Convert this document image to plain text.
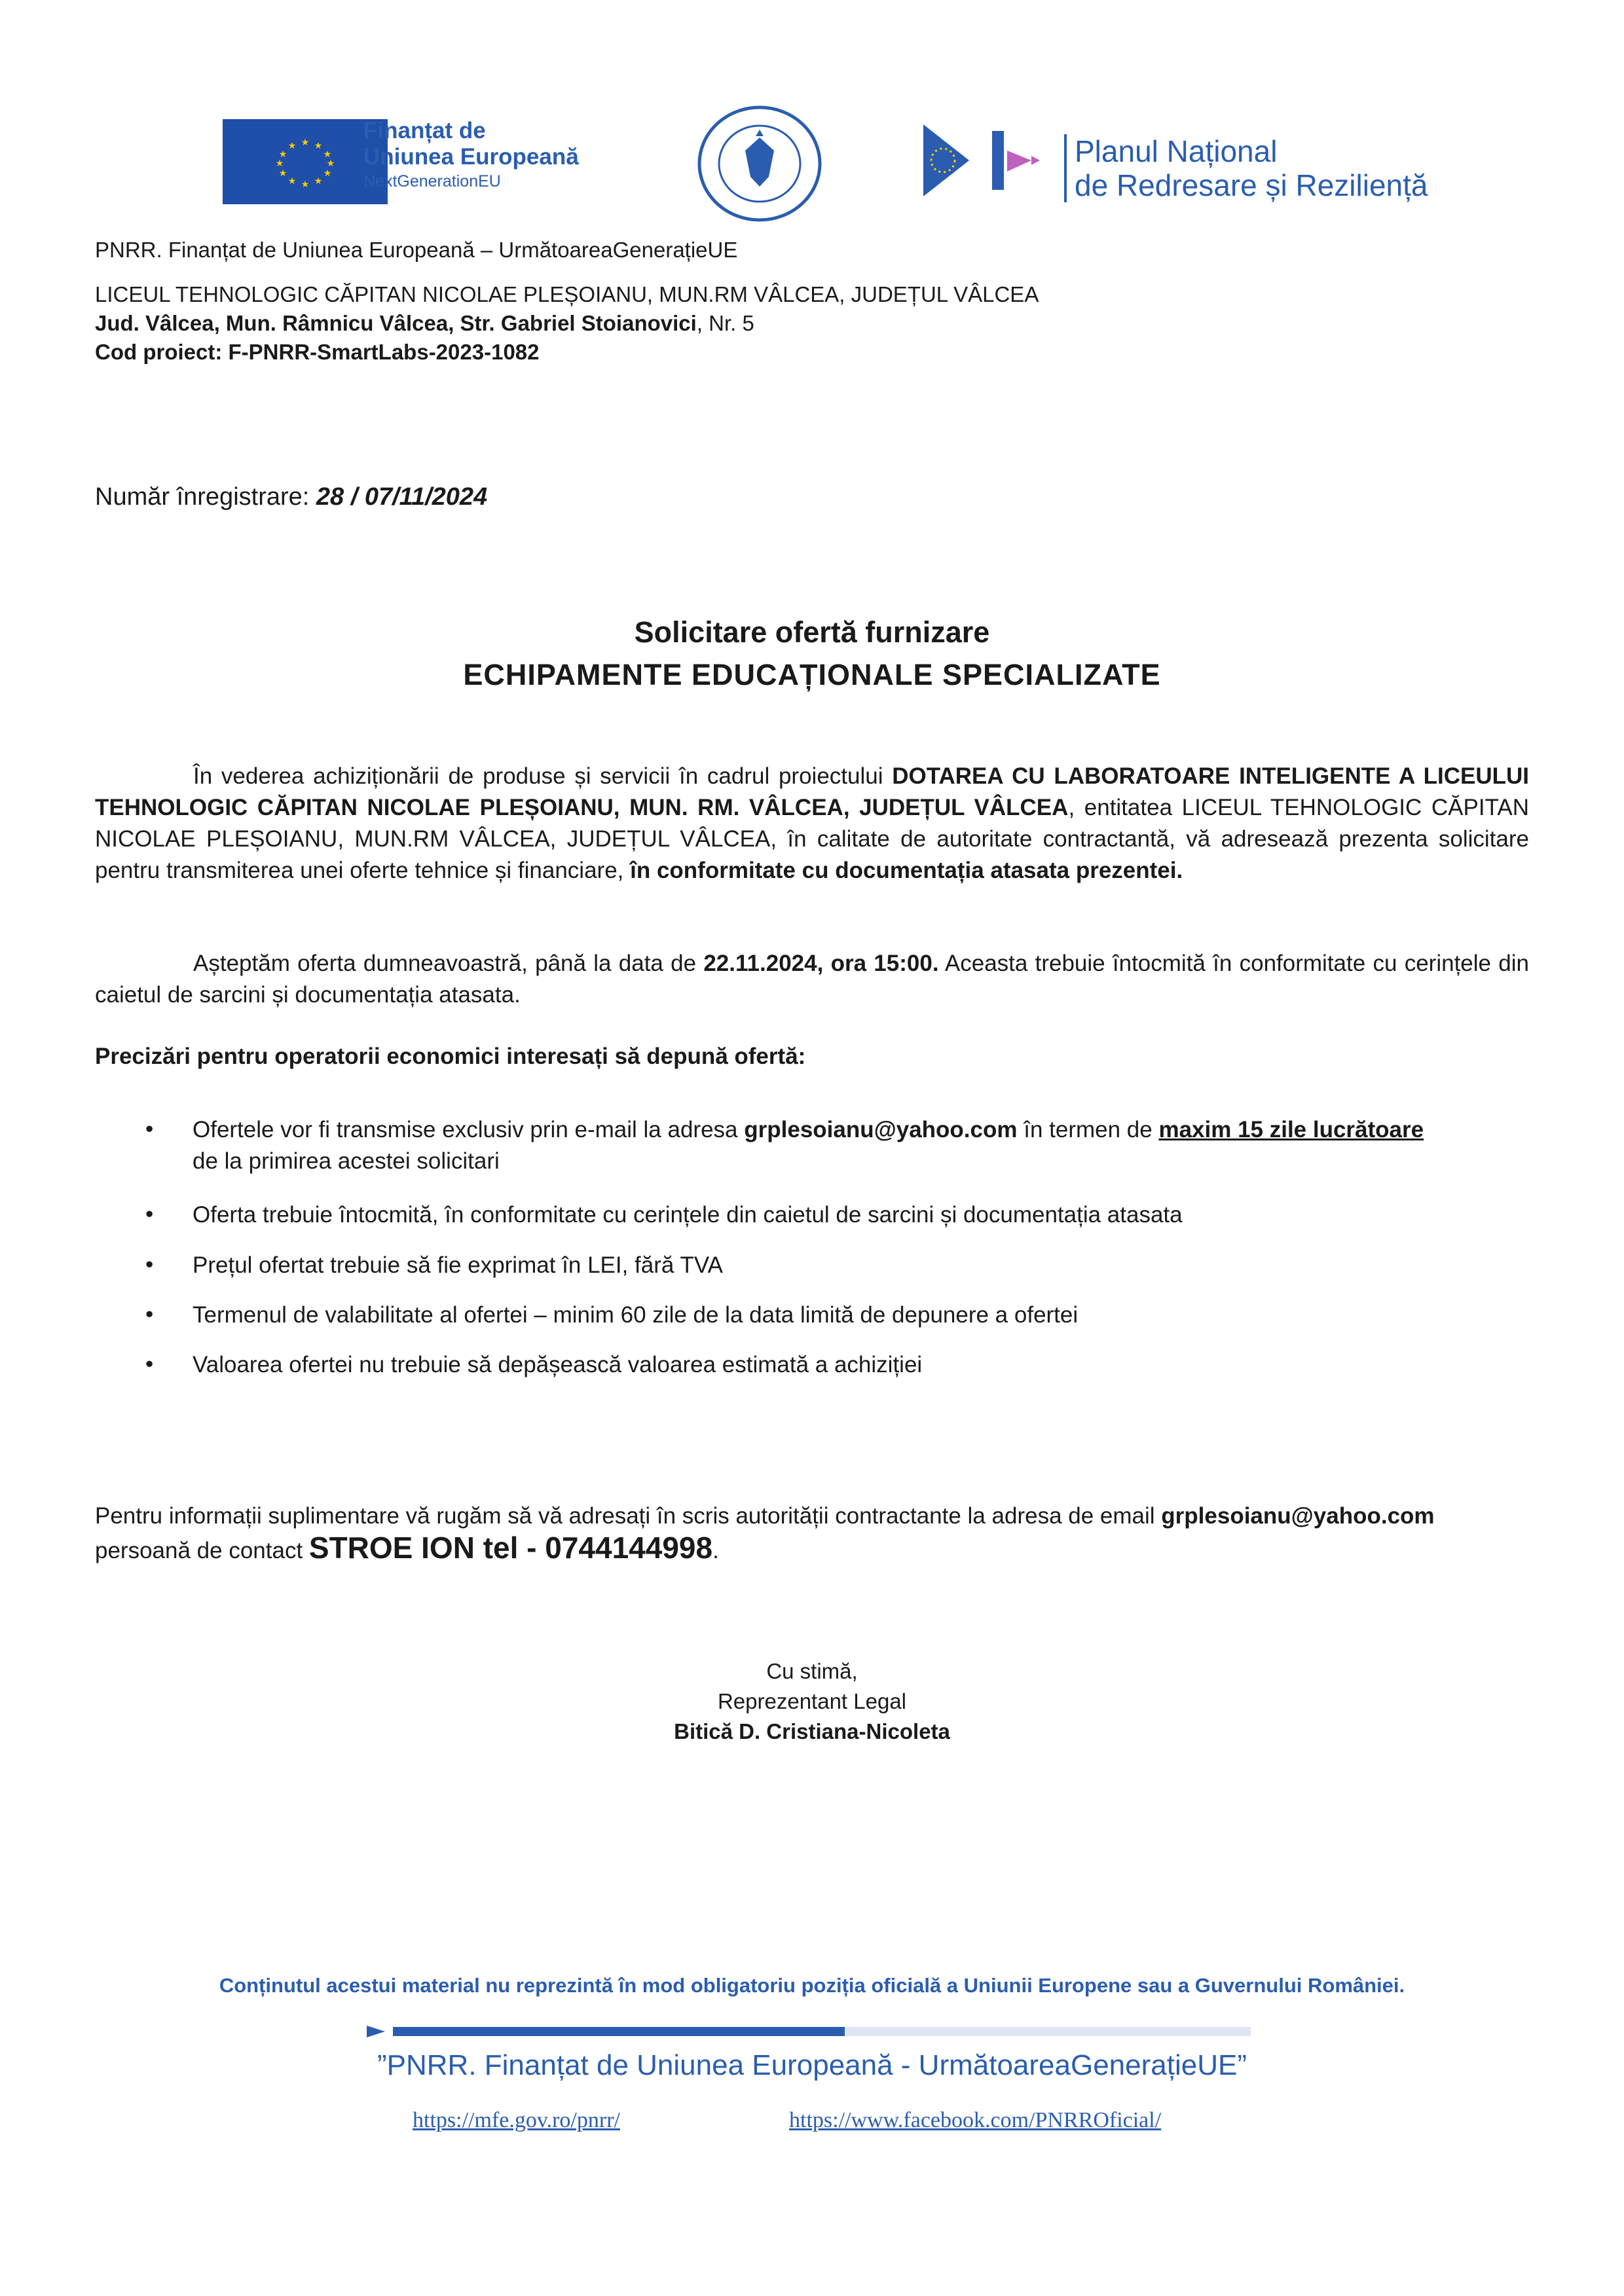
★ ★
★
★
★
★
★
★
★
★
★
★
Finanțat de
Uniunea Europeană
NextGenerationEU
Planul Național
de Redresare și Reziliență
PNRR. Finanțat de Uniunea Europeană – UrmătoareaGenerațieUE
LICEUL TEHNOLOGIC CĂPITAN NICOLAE PLEȘOIANU, MUN.RM VÂLCEA, JUDEȚUL VÂLCEA
Jud. Vâlcea, Mun. Râmnicu Vâlcea, Str. Gabriel Stoianovici, Nr. 5
Cod proiect: F-PNRR-SmartLabs-2023-1082
Număr înregistrare: 28 / 07/11/2024
Solicitare ofertă furnizare
ECHIPAMENTE EDUCAȚIONALE SPECIALIZATE
În vederea achiziționării de produse și servicii în cadrul proiectului DOTAREA CU LABORATOARE INTELIGENTE A LICEULUI TEHNOLOGIC CĂPITAN NICOLAE PLEȘOIANU, MUN. RM. VÂLCEA, JUDEȚUL VÂLCEA, entitatea LICEUL TEHNOLOGIC CĂPITAN NICOLAE PLEȘOIANU, MUN.RM VÂLCEA, JUDEȚUL VÂLCEA, în calitate de autoritate contractantă, vă adresează prezenta solicitare pentru transmiterea unei oferte tehnice și financiare, în conformitate cu documentația atasata prezentei.
Așteptăm oferta dumneavoastră, până la data de 22.11.2024, ora 15:00. Aceasta trebuie întocmită în conformitate cu cerințele din caietul de sarcini și documentația atasata.
Precizări pentru operatorii economici interesați să depună ofertă:
• Ofertele vor fi transmise exclusiv prin e-mail la adresa grplesoianu@yahoo.com în termen de maxim 15 zile lucrătoare
de la primirea acestei solicitari
• Oferta trebuie întocmită, în conformitate cu cerințele din caietul de sarcini și documentația atasata
• Prețul ofertat trebuie să fie exprimat în LEI, fără TVA
• Termenul de valabilitate al ofertei – minim 60 zile de la data limită de depunere a ofertei
• Valoarea ofertei nu trebuie să depășească valoarea estimată a achiziției
Pentru informații suplimentare vă rugăm să vă adresați în scris autorității contractante la adresa de email grplesoianu@yahoo.com
persoană de contact STROE ION tel - 0744144998.
Cu stimă,
Reprezentant Legal
Bitică D. Cristiana-Nicoleta
Conținutul acestui material nu reprezintă în mod obligatoriu poziția oficială a Uniunii Europene sau a Guvernului României.
”PNRR. Finanțat de Uniunea Europeană - UrmătoareaGenerațieUE”
https://mfe.gov.ro/pnrr/	https://www.facebook.com/PNRROficial/
